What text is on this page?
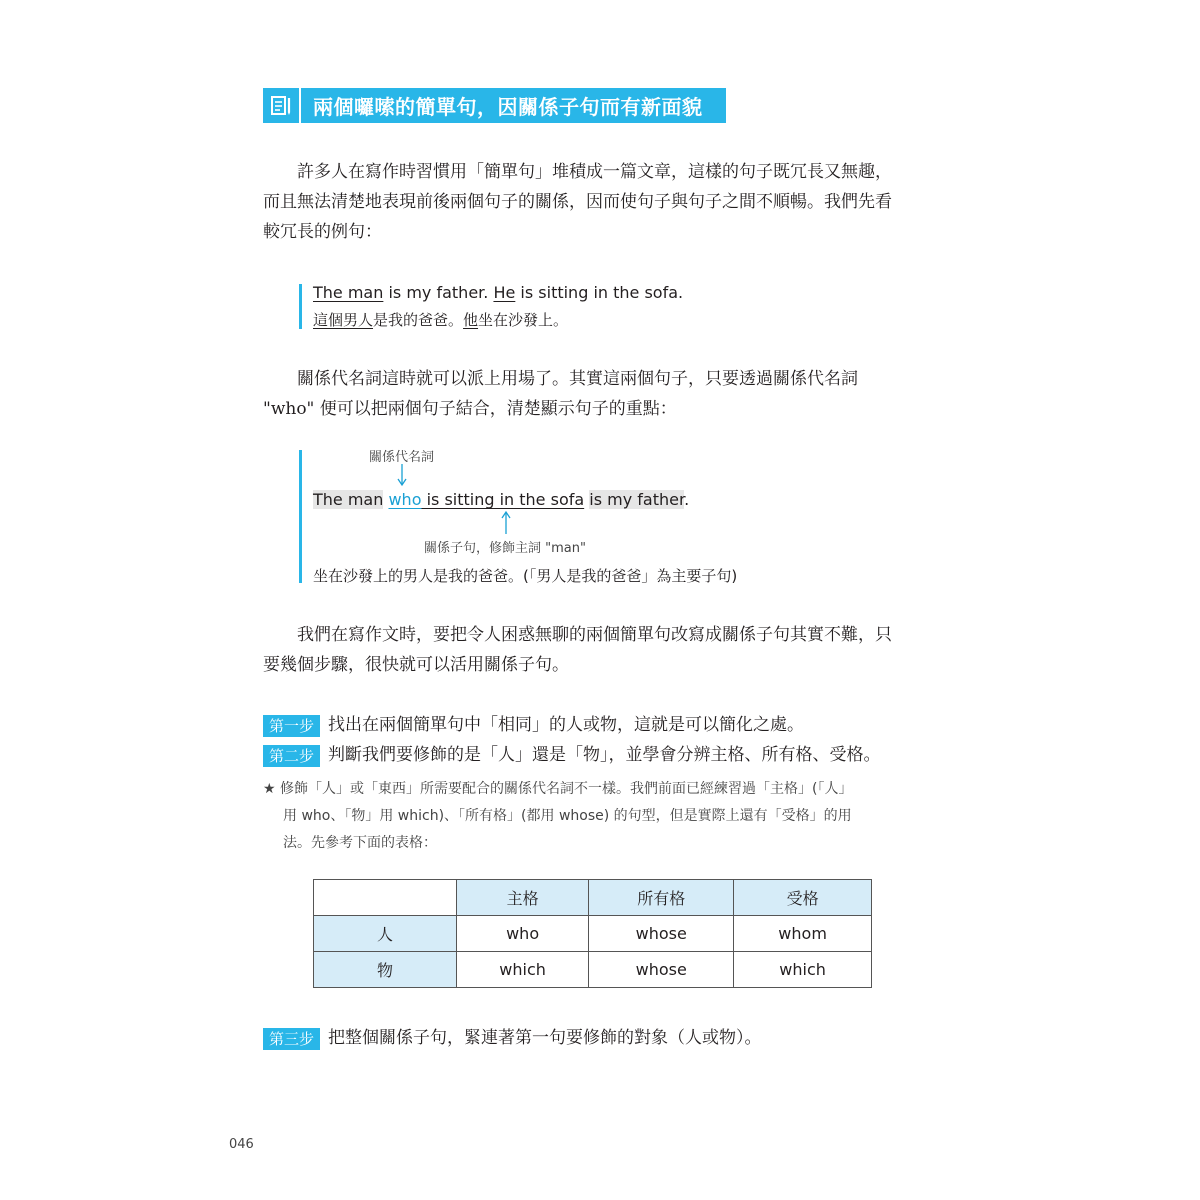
兩個囉嗦的簡單句，因關係子句而有新面貌
許多人在寫作時習慣用「簡單句」堆積成一篇文章，這樣的句子既冗長又無趣，
而且無法清楚地表現前後兩個句子的關係，因而使句子與句子之間不順暢。我們先看
較冗長的例句：
The man is my father. He is sitting in the sofa.
這個男人是我的爸爸。他坐在沙發上。
關係代名詞這時就可以派上用場了。其實這兩個句子，只要透過關係代名詞
"who" 便可以把兩個句子結合，清楚顯示句子的重點：
關係代名詞
The man who is sitting in the sofa is my father.
關係子句，修飾主詞 "man"
坐在沙發上的男人是我的爸爸。(「男人是我的爸爸」為主要子句)
我們在寫作文時，要把令人困惑無聊的兩個簡單句改寫成關係子句其實不難，只
要幾個步驟，很快就可以活用關係子句。
第一步 找出在兩個簡單句中「相同」的人或物，這就是可以簡化之處。
第二步 判斷我們要修飾的是「人」還是「物」，並學會分辨主格、所有格、受格。
★ 修飾「人」或「東西」所需要配合的關係代名詞不一樣。我們前面已經練習過「主格」(「人」
用 who、「物」用 which)、「所有格」(都用 whose) 的句型，但是實際上還有「受格」的用
法。先參考下面的表格：
	主格	所有格	受格
人	who	whose	whom
物	which	whose	which
第三步 把整個關係子句，緊連著第一句要修飾的對象（人或物）。
046
